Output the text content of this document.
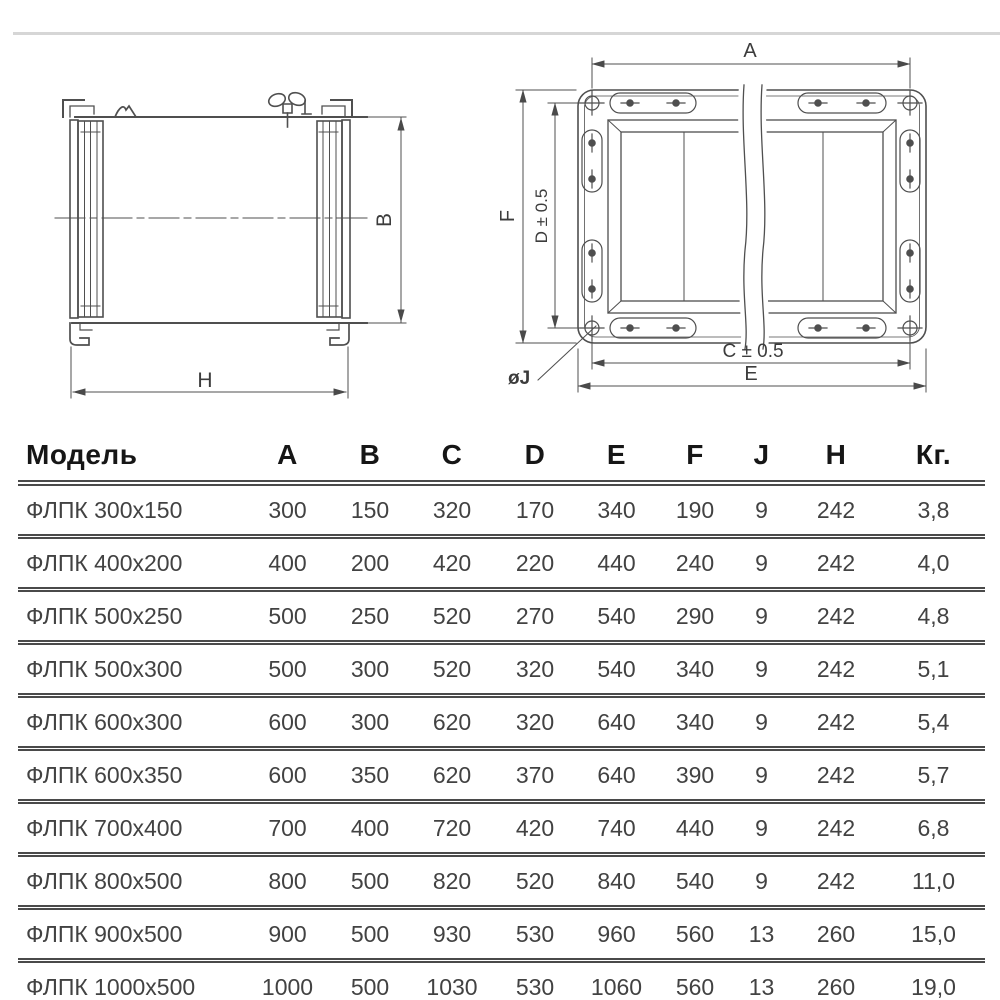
H
B
A
F D ± 0.5
C ± 0.5
E
øJ
Модель	A	B	C	D	E	F	J	H	Кг.
ФЛПК 300x150	300	150	320	170	340	190	9	242	3,8
ФЛПК 400x200	400	200	420	220	440	240	9	242	4,0
ФЛПК 500x250	500	250	520	270	540	290	9	242	4,8
ФЛПК 500x300	500	300	520	320	540	340	9	242	5,1
ФЛПК 600x300	600	300	620	320	640	340	9	242	5,4
ФЛПК 600x350	600	350	620	370	640	390	9	242	5,7
ФЛПК 700x400	700	400	720	420	740	440	9	242	6,8
ФЛПК 800x500	800	500	820	520	840	540	9	242	11,0
ФЛПК 900x500	900	500	930	530	960	560	13	260	15,0
ФЛПК 1000x500	1000	500	1030	530	1060	560	13	260	19,0
